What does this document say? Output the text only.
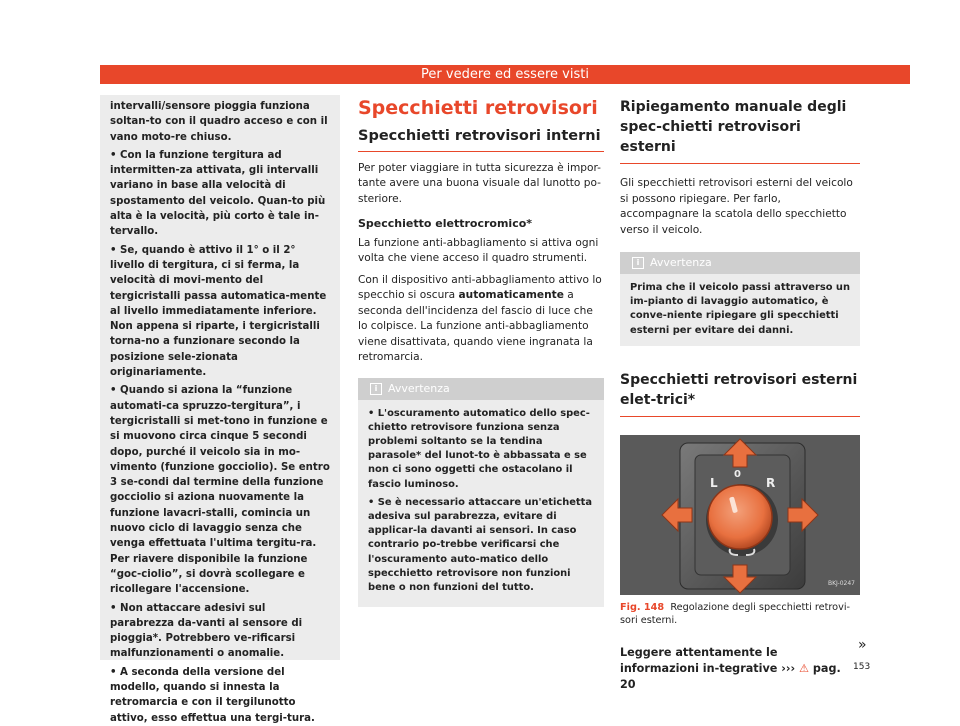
Per vedere ed essere visti

intervalli/sensore pioggia funziona soltan-to con il quadro acceso e con il vano moto-re chiuso.

• Con la funzione tergitura ad intermitten-za attivata, gli intervalli variano in base alla velocità di spostamento del veicolo. Quan-to più alta è la velocità, più corto è tale in-tervallo.

• Se, quando è attivo il 1° o il 2° livello di tergitura, ci si ferma, la velocità di movi-mento del tergicristalli passa automatica-mente al livello immediatamente inferiore. Non appena si riparte, i tergicristalli torna-no a funzionare secondo la posizione sele-zionata originariamente.

• Quando si aziona la “funzione automati-ca spruzzo-tergitura”, i tergicristalli si met-tono in funzione e si muovono circa cinque 5 secondi dopo, purché il veicolo sia in mo-vimento (funzione gocciolio). Se entro 3 se-condi dal termine della funzione gocciolio si aziona nuovamente la funzione lavacri-stalli, comincia un nuovo ciclo di lavaggio senza che venga effettuata l'ultima tergitu-ra. Per riavere disponibile la funzione “goc-ciolio”, si dovrà scollegare e ricollegare l'accensione.

• Non attaccare adesivi sul parabrezza da-vanti al sensore di pioggia*. Potrebbero ve-rificarsi malfunzionamenti o anomalie.

• A seconda della versione del modello, quando si innesta la retromarcia e con il tergilunotto attivo, esso effettua una tergi-tura.

Specchietti retrovisori
Specchietti retrovisori interni

Per poter viaggiare in tutta sicurezza è impor-tante avere una buona visuale dal lunotto po-steriore.

Specchietto elettrocromico*

La funzione anti-abbagliamento si attiva ogni volta che viene acceso il quadro strumenti.

Con il dispositivo anti-abbagliamento attivo lo specchio si oscura automaticamente a seconda dell'incidenza del fascio di luce che lo colpisce. La funzione anti-abbagliamento viene disattivata, quando viene ingranata la retromarcia.

i Avvertenza

• L'oscuramento automatico dello spec-chietto retrovisore funziona senza problemi soltanto se la tendina parasole* del lunot-to è abbassata e se non ci sono oggetti che ostacolano il fascio luminoso.

• Se è necessario attaccare un'etichetta adesiva sul parabrezza, evitare di applicar-la davanti ai sensori. In caso contrario po-trebbe verificarsi che l'oscuramento auto-matico dello specchietto retrovisore non funzioni bene o non funzioni del tutto.

Ripiegamento manuale degli spec-chietti retrovisori esterni

Gli specchietti retrovisori esterni del veicolo si possono ripiegare. Per farlo, accompagnare la scatola dello specchietto verso il veicolo.

i Avvertenza

Prima che il veicolo passi attraverso un im-pianto di lavaggio automatico, è conve-niente ripiegare gli specchietti esterni per evitare dei danni.

Specchietti retrovisori esterni elet-trici*
L
0
R
BKJ-0247

Fig. 148 Regolazione degli specchietti retrovi-sori esterni.

Leggere attentamente le informazioni in-tegrative ››› ⚠ pag. 20

»
153
